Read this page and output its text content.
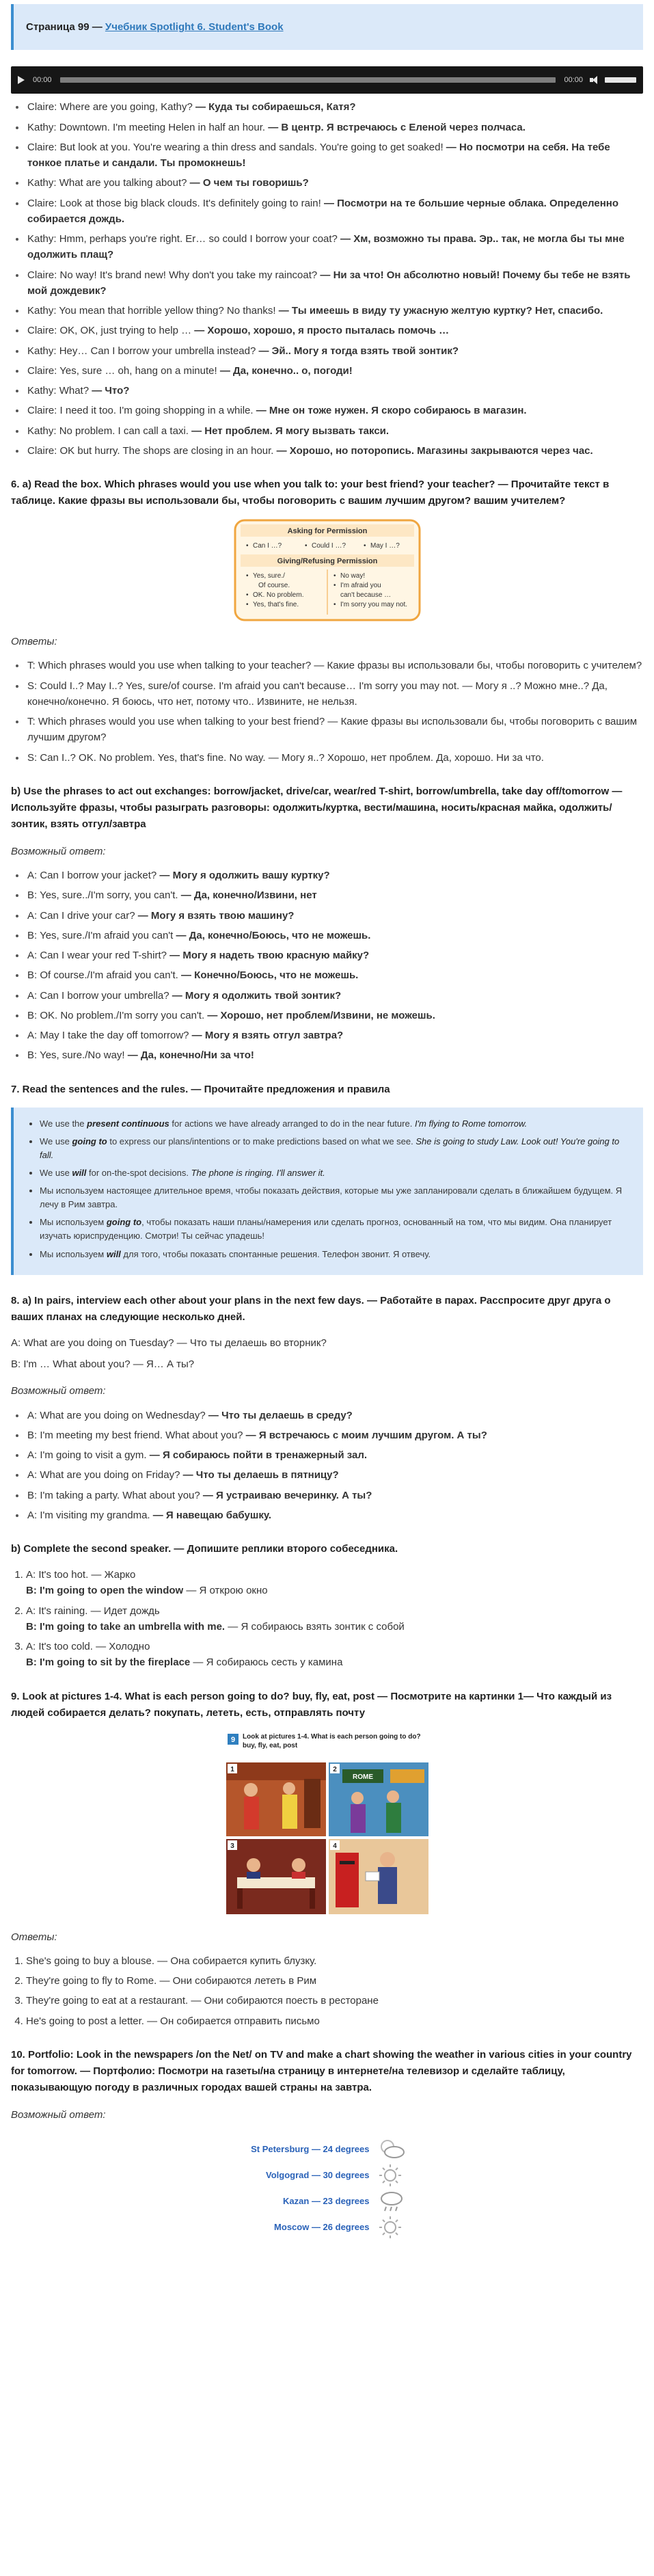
Страница 99 — Учебник Spotlight 6. Student's Book
00:00	00:00
• Claire: Where are you going, Kathy? — Куда ты собираешься, Катя?
• Kathy: Downtown. I'm meeting Helen in half an hour. — В центр. Я встречаюсь с Еленой через полчаса.
• Claire: But look at you. You're wearing a thin dress and sandals. You're going to get soaked! — Но посмотри на себя. На тебе тонкое платье и сандали. Ты промокнешь!
• Kathy: What are you talking about? — О чем ты говоришь?
• Claire: Look at those big black clouds. It's definitely going to rain! — Посмотри на те большие черные облака. Определенно собирается дождь.
• Kathy: Hmm, perhaps you're right. Er… so could I borrow your coat? — Хм, возможно ты права. Эр.. так, не могла бы ты мне одолжить плащ?
• Claire: No way! It's brand new! Why don't you take my raincoat? — Ни за что! Он абсолютно новый! Почему бы тебе не взять мой дождевик?
• Kathy: You mean that horrible yellow thing? No thanks! — Ты имеешь в виду ту ужасную желтую куртку? Нет, спасибо.
• Claire: OK, OK, just trying to help … — Хорошо, хорошо, я просто пыталась помочь …
• Kathy: Hey… Can I borrow your umbrella instead? — Эй.. Могу я тогда взять твой зонтик?
• Claire: Yes, sure … oh, hang on a minute! — Да, конечно.. о, погоди!
• Kathy: What? — Что?
• Claire: I need it too. I'm going shopping in a while. — Мне он тоже нужен. Я скоро собираюсь в магазин.
• Kathy: No problem. I can call a taxi. — Нет проблем. Я могу вызвать такси.
• Claire: OK but hurry. The shops are closing in an hour. — Хорошо, но поторопись. Магазины закрываются через час.
6. a) Read the box. Which phrases would you use when you talk to: your best friend? your teacher? — Прочитайте текст в таблице. Какие фразы вы использовали бы, чтобы поговорить с вашим лучшим другом? вашим учителем?
Asking for Permission
• Can I …?	• Could I …?	• May I …?
Giving/Refusing Permission
• Yes, sure./
Of course.
• OK. No problem.
• Yes, that's fine.
• No way!
• I'm afraid you
can't because …
• I'm sorry you may not.
Ответы:
• T: Which phrases would you use when talking to your teacher? — Какие фразы вы использовали бы, чтобы поговорить с учителем?
• S: Could I..? May I..? Yes, sure/of course. I'm afraid you can't because… I'm sorry you may not. — Могу я ..? Можно мне..? Да, конечно/конечно. Я боюсь, что нет, потому что.. Извините, не нельзя.
• T: Which phrases would you use when talking to your best friend? — Какие фразы вы использовали бы, чтобы поговорить с вашим лучшим другом?
• S: Can I..? OK. No problem. Yes, that's fine. No way. — Могу я..? Хорошо, нет проблем. Да, хорошо. Ни за что.
b) Use the phrases to act out exchanges: borrow/jacket, drive/car, wear/red T-shirt, borrow/umbrella, take day off/tomorrow — Используйте фразы, чтобы разыграть разговоры: одолжить/куртка, вести/машина, носить/красная майка, одолжить/зонтик, взять отгул/завтра
Возможный ответ:
• A: Can I borrow your jacket? — Могу я одолжить вашу куртку?
• B: Yes, sure../I'm sorry, you can't. — Да, конечно/Извини, нет
• A: Can I drive your car? — Могу я взять твою машину?
• B: Yes, sure./I'm afraid you can't — Да, конечно/Боюсь, что не можешь.
• A: Can I wear your red T-shirt? — Могу я надеть твою красную майку?
• B: Of course./I'm afraid you can't. — Конечно/Боюсь, что не можешь.
• A: Can I borrow your umbrella? — Могу я одолжить твой зонтик?
• B: OK. No problem./I'm sorry you can't. — Хорошо, нет проблем/Извини, не можешь.
• A: May I take the day off tomorrow? — Могу я взять отгул завтра?
• B: Yes, sure./No way! — Да, конечно/Ни за что!
7. Read the sentences and the rules. — Прочитайте предложения и правила
• We use the present continuous for actions we have already arranged to do in the near future. I'm flying to Rome tomorrow.
• We use going to to express our plans/intentions or to make predictions based on what we see. She is going to study Law. Look out! You're going to fall.
• We use will for on-the-spot decisions. The phone is ringing. I'll answer it.
• Мы используем настоящее длительное время, чтобы показать действия, которые мы уже запланировали сделать в ближайшем будущем. Я лечу в Рим завтра.
• Мы используем going to, чтобы показать наши планы/намерения или сделать прогноз, основанный на том, что мы видим. Она планирует изучать юриспруденцию. Смотри! Ты сейчас упадешь!
• Мы используем will для того, чтобы показать спонтанные решения. Телефон звонит. Я отвечу.
8. a) In pairs, interview each other about your plans in the next few days. — Работайте в парах. Расспросите друг друга о ваших планах на следующие несколько дней.

A: What are you doing on Tuesday? — Что ты делаешь во вторник?

B: I'm … What about you? — Я… А ты?

Возможный ответ:
• A: What are you doing on Wednesday? — Что ты делаешь в среду?
• B: I'm meeting my best friend. What about you? — Я встречаюсь с моим лучшим другом. А ты?
• A: I'm going to visit a gym. — Я собираюсь пойти в тренажерный зал.
• A: What are you doing on Friday? — Что ты делаешь в пятницу?
• B: I'm taking a party. What about you? — Я устраиваю вечеринку. А ты?
• A: I'm visiting my grandma. — Я навещаю бабушку.
b) Complete the second speaker. — Допишите реплики второго собеседника.
1. A: It's too hot. — Жарко
B: I'm going to open the window — Я открою окно
2. A: It's raining. — Идет дождь
B: I'm going to take an umbrella with me. — Я собираюсь взять зонтик с собой
3. A: It's too cold. — Холодно
B: I'm going to sit by the fireplace — Я собираюсь сесть у камина
9. Look at pictures 1-4. What is each person going to do? buy, fly, eat, post — Посмотрите на картинки 1— Что каждый из людей собирается делать? покупать, лететь, есть, отправлять почту
9 Look at pictures 1-4. What is each person going to do? buy, fly, eat, post
1
ROME
2
3	4
Ответы:
1. She's going to buy a blouse. — Она собирается купить блузку.
2. They're going to fly to Rome. — Они собираются лететь в Рим
3. They're going to eat at a restaurant. — Они собираются поесть в ресторане
4. He's going to post a letter. — Он собирается отправить письмо
10. Portfolio: Look in the newspapers /on the Net/ on TV and make a chart showing the weather in various cities in your country for tomorrow. — Портфолио: Посмотри на газеты/на страницу в интернете/на телевизор и сделайте таблицу, показывающую погоду в различных городах вашей страны на завтра.
Возможный ответ:
St Petersburg — 24 degrees
Volgograd — 30 degrees
Kazan — 23 degrees
Moscow — 26 degrees
